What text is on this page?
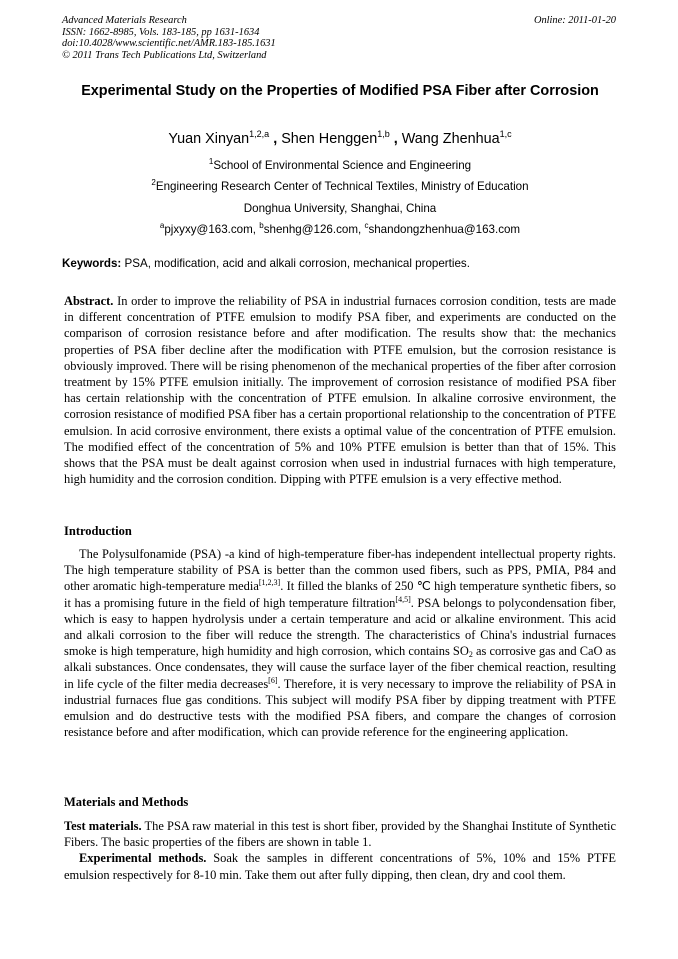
Advanced Materials Research
ISSN: 1662-8985, Vols. 183-185, pp 1631-1634
doi:10.4028/www.scientific.net/AMR.183-185.1631
© 2011 Trans Tech Publications Ltd, Switzerland
Online: 2011-01-20
Experimental Study on the Properties of Modified PSA Fiber after Corrosion
Yuan Xinyan$^{1,2,a}$ , Shen Henggen$^{1,b}$ , Wang Zhenhua$^{1,c}$
$^1$School of Environmental Science and Engineering
$^2$Engineering Research Center of Technical Textiles, Ministry of Education
Donghua University, Shanghai, China
$^a$pjxyxy@163.com, $^b$shenhg@126.com, $^c$shandongzhenhua@163.com
Keywords: PSA, modification, acid and alkali corrosion, mechanical properties.
Abstract. In order to improve the reliability of PSA in industrial furnaces corrosion condition, tests are made in different concentration of PTFE emulsion to modify PSA fiber, and experiments are conducted on the comparison of corrosion resistance before and after modification. The results show that: the mechanics properties of PSA fiber decline after the modification with PTFE emulsion, but the corrosion resistance is obviously improved. There will be rising phenomenon of the mechanical properties of the fiber after corrosion treatment by 15% PTFE emulsion initially. The improvement of corrosion resistance of modified PSA fiber has certain relationship with the concentration of PTFE emulsion. In alkaline corrosive environment, the corrosion resistance of modified PSA fiber has a certain proportional relationship to the concentration of PTFE emulsion. In acid corrosive environment, there exists a optimal value of the concentration of PTFE emulsion. The modified effect of the concentration of 5% and 10% PTFE emulsion is better than that of 15%. This shows that the PSA must be dealt against corrosion when used in industrial furnaces with high temperature, high humidity and the corrosion condition. Dipping with PTFE emulsion is a very effective method.
Introduction
The Polysulfonamide (PSA) -a kind of high-temperature fiber-has independent intellectual property rights. The high temperature stability of PSA is better than the common used fibers, such as PPS, PMIA, P84 and other aromatic high-temperature media[1,2,3]. It filled the blanks of 250 ℃ high temperature synthetic fibers, so it has a promising future in the field of high temperature filtration[4,5]. PSA belongs to polycondensation fiber, which is easy to happen hydrolysis under a certain temperature and acid or alkaline environment. This acid and alkali corrosion to the fiber will reduce the strength. The characteristics of China's industrial furnaces smoke is high temperature, high humidity and high corrosion, which contains $SO_2$ as corrosive gas and CaO as alkali substances. Once condensates, they will cause the surface layer of the fiber chemical reaction, resulting in life cycle of the filter media decreases[6]. Therefore, it is very necessary to improve the reliability of PSA in industrial furnaces flue gas conditions. This subject will modify PSA fiber by dipping treatment with PTFE emulsion and do destructive tests with the modified PSA fibers, and compare the changes of corrosion resistance before and after modification, which can provide reference for the engineering application.
Materials and Methods

Test materials. The PSA raw material in this test is short fiber, provided by the Shanghai Institute of Synthetic Fibers. The basic properties of the fibers are shown in table 1.

Experimental methods. Soak the samples in different concentrations of 5%, 10% and 15% PTFE emulsion respectively for 8-10 min. Take them out after fully dipping, then clean, dry and cool them.
